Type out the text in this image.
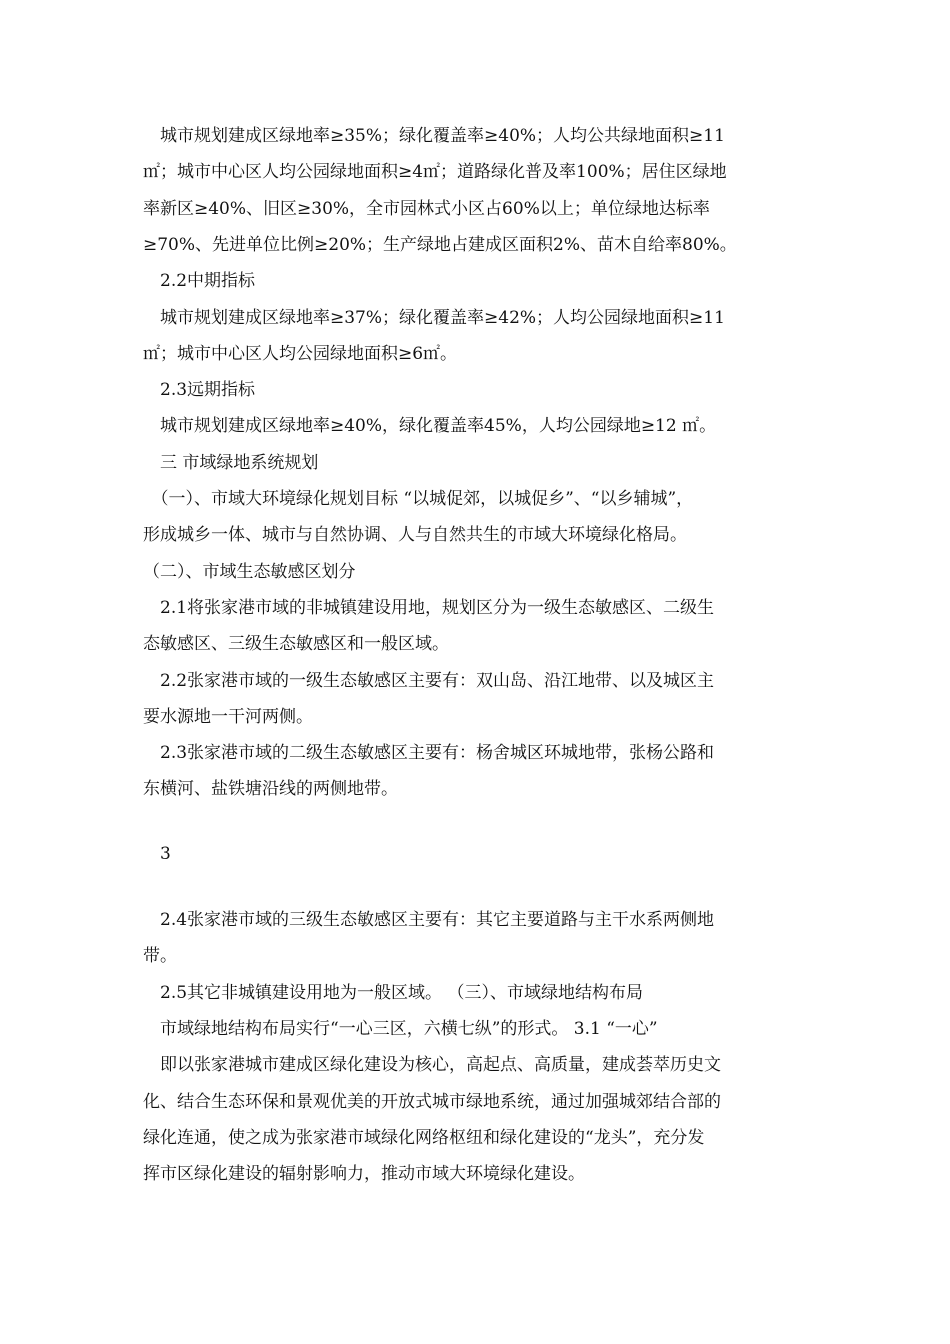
　城市规划建成区绿地率≥35%；绿化覆盖率≥40%；人均公共绿地面积≥11
㎡；城市中心区人均公园绿地面积≥4㎡；道路绿化普及率100%；居住区绿地
率新区≥40%、旧区≥30%，全市园林式小区占60%以上；单位绿地达标率
≥70%、先进单位比例≥20%；生产绿地占建成区面积2%、苗木自给率80%。
　2.2中期指标
　城市规划建成区绿地率≥37%；绿化覆盖率≥42%；人均公园绿地面积≥11
㎡；城市中心区人均公园绿地面积≥6㎡。
　2.3远期指标
　城市规划建成区绿地率≥40%，绿化覆盖率45%，人均公园绿地≥12 ㎡。
　三 市域绿地系统规划
　（一）、市域大环境绿化规划目标 “以城促郊，以城促乡”、“以乡辅城”，
形成城乡一体、城市与自然协调、人与自然共生的市域大环境绿化格局。
（二）、市域生态敏感区划分
　2.1将张家港市域的非城镇建设用地，规划区分为一级生态敏感区、二级生
态敏感区、三级生态敏感区和一般区域。
　2.2张家港市域的一级生态敏感区主要有：双山岛、沿江地带、以及城区主
要水源地一干河两侧。
　2.3张家港市域的二级生态敏感区主要有：杨舍城区环城地带，张杨公路和
东横河、盐铁塘沿线的两侧地带。
　3
　2.4张家港市域的三级生态敏感区主要有：其它主要道路与主干水系两侧地
带。
　2.5其它非城镇建设用地为一般区域。 （三）、市域绿地结构布局
　市域绿地结构布局实行“一心三区，六横七纵”的形式。 3.1 “一心”
　即以张家港城市建成区绿化建设为核心，高起点、高质量，建成荟萃历史文
化、结合生态环保和景观优美的开放式城市绿地系统，通过加强城郊结合部的
绿化连通，使之成为张家港市域绿化网络枢纽和绿化建设的“龙头”，充分发
挥市区绿化建设的辐射影响力，推动市域大环境绿化建设。
